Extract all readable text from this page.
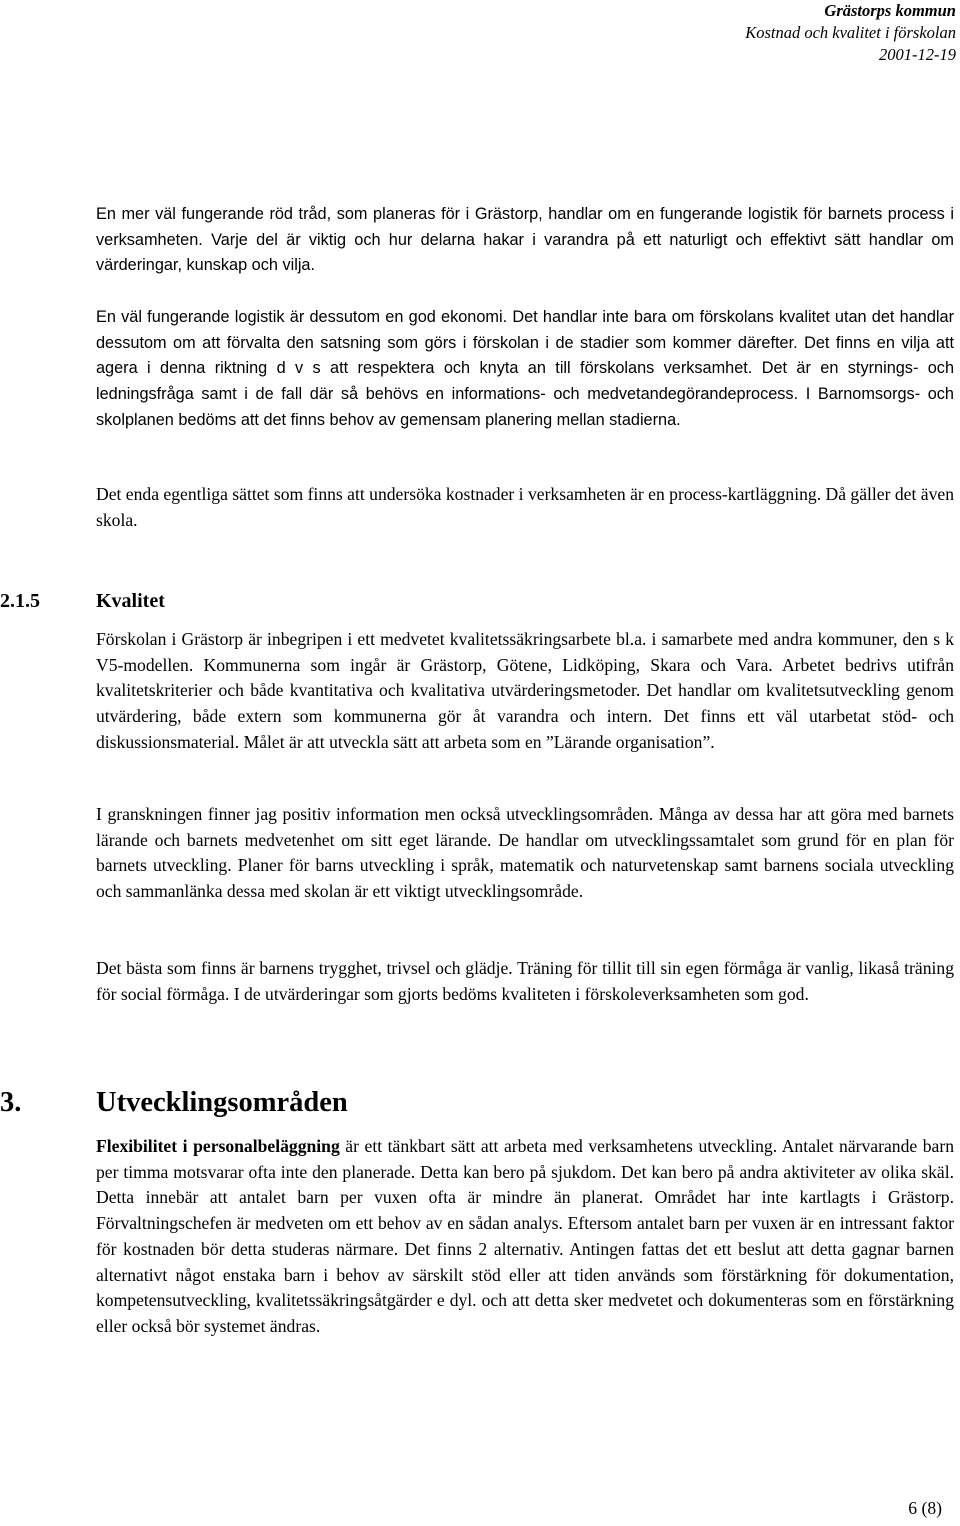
Grästorps kommun
Kostnad och kvalitet i förskolan
2001-12-19

En mer väl fungerande röd tråd, som planeras för i Grästorp, handlar om en fungerande logistik för barnets process i verksamheten. Varje del är viktig och hur delarna hakar i varandra på ett naturligt och effektivt sätt handlar om värderingar, kunskap och vilja.

En väl fungerande logistik är dessutom en god ekonomi. Det handlar inte bara om förskolans kvalitet utan det handlar dessutom om att förvalta den satsning som görs i förskolan i de stadier som kommer därefter. Det finns en vilja att agera i denna riktning d v s att respektera och knyta an till förskolans verksamhet. Det är en styrnings- och ledningsfråga samt i de fall där så behövs en informations- och medvetandegörandeprocess. I Barnomsorgs- och skolplanen bedöms att det finns behov av gemensam planering mellan stadierna.

Det enda egentliga sättet som finns att undersöka kostnader i verksamheten är en process-kartläggning. Då gäller det även skola.

2.1.5	Kvalitet

Förskolan i Grästorp är inbegripen i ett medvetet kvalitetssäkringsarbete bl.a. i samarbete med andra kommuner, den s k V5-modellen. Kommunerna som ingår är Grästorp, Götene, Lidköping, Skara och Vara. Arbetet bedrivs utifrån kvalitetskriterier och både kvantitativa och kvalitativa utvärderingsmetoder. Det handlar om kvalitetsutveckling genom utvärdering, både extern som kommunerna gör åt varandra och intern. Det finns ett väl utarbetat stöd- och diskussionsmaterial. Målet är att utveckla sätt att arbeta som en ”Lärande organisation”.

I granskningen finner jag positiv information men också utvecklingsområden. Många av dessa har att göra med barnets lärande och barnets medvetenhet om sitt eget lärande. De handlar om utvecklingssamtalet som grund för en plan för barnets utveckling. Planer för barns utveckling i språk, matematik och naturvetenskap samt barnens sociala utveckling och sammanlänka dessa med skolan är ett viktigt utvecklingsområde.

Det bästa som finns är barnens trygghet, trivsel och glädje. Träning för tillit till sin egen förmåga är vanlig, likaså träning för social förmåga. I de utvärderingar som gjorts bedöms kvaliteten i förskoleverksamheten som god.

3.	Utvecklingsområden

Flexibilitet i personalbeläggning är ett tänkbart sätt att arbeta med verksamhetens utveckling. Antalet närvarande barn per timma motsvarar ofta inte den planerade. Detta kan bero på sjukdom. Det kan bero på andra aktiviteter av olika skäl. Detta innebär att antalet barn per vuxen ofta är mindre än planerat. Området har inte kartlagts i Grästorp. Förvaltningschefen är medveten om ett behov av en sådan analys. Eftersom antalet barn per vuxen är en intressant faktor för kostnaden bör detta studeras närmare. Det finns 2 alternativ. Antingen fattas det ett beslut att detta gagnar barnen alternativt något enstaka barn i behov av särskilt stöd eller att tiden används som förstärkning för dokumentation, kompetensutveckling, kvalitetssäkringsåtgärder e dyl. och att detta sker medvetet och dokumenteras som en förstärkning eller också bör systemet ändras.

6 (8)
